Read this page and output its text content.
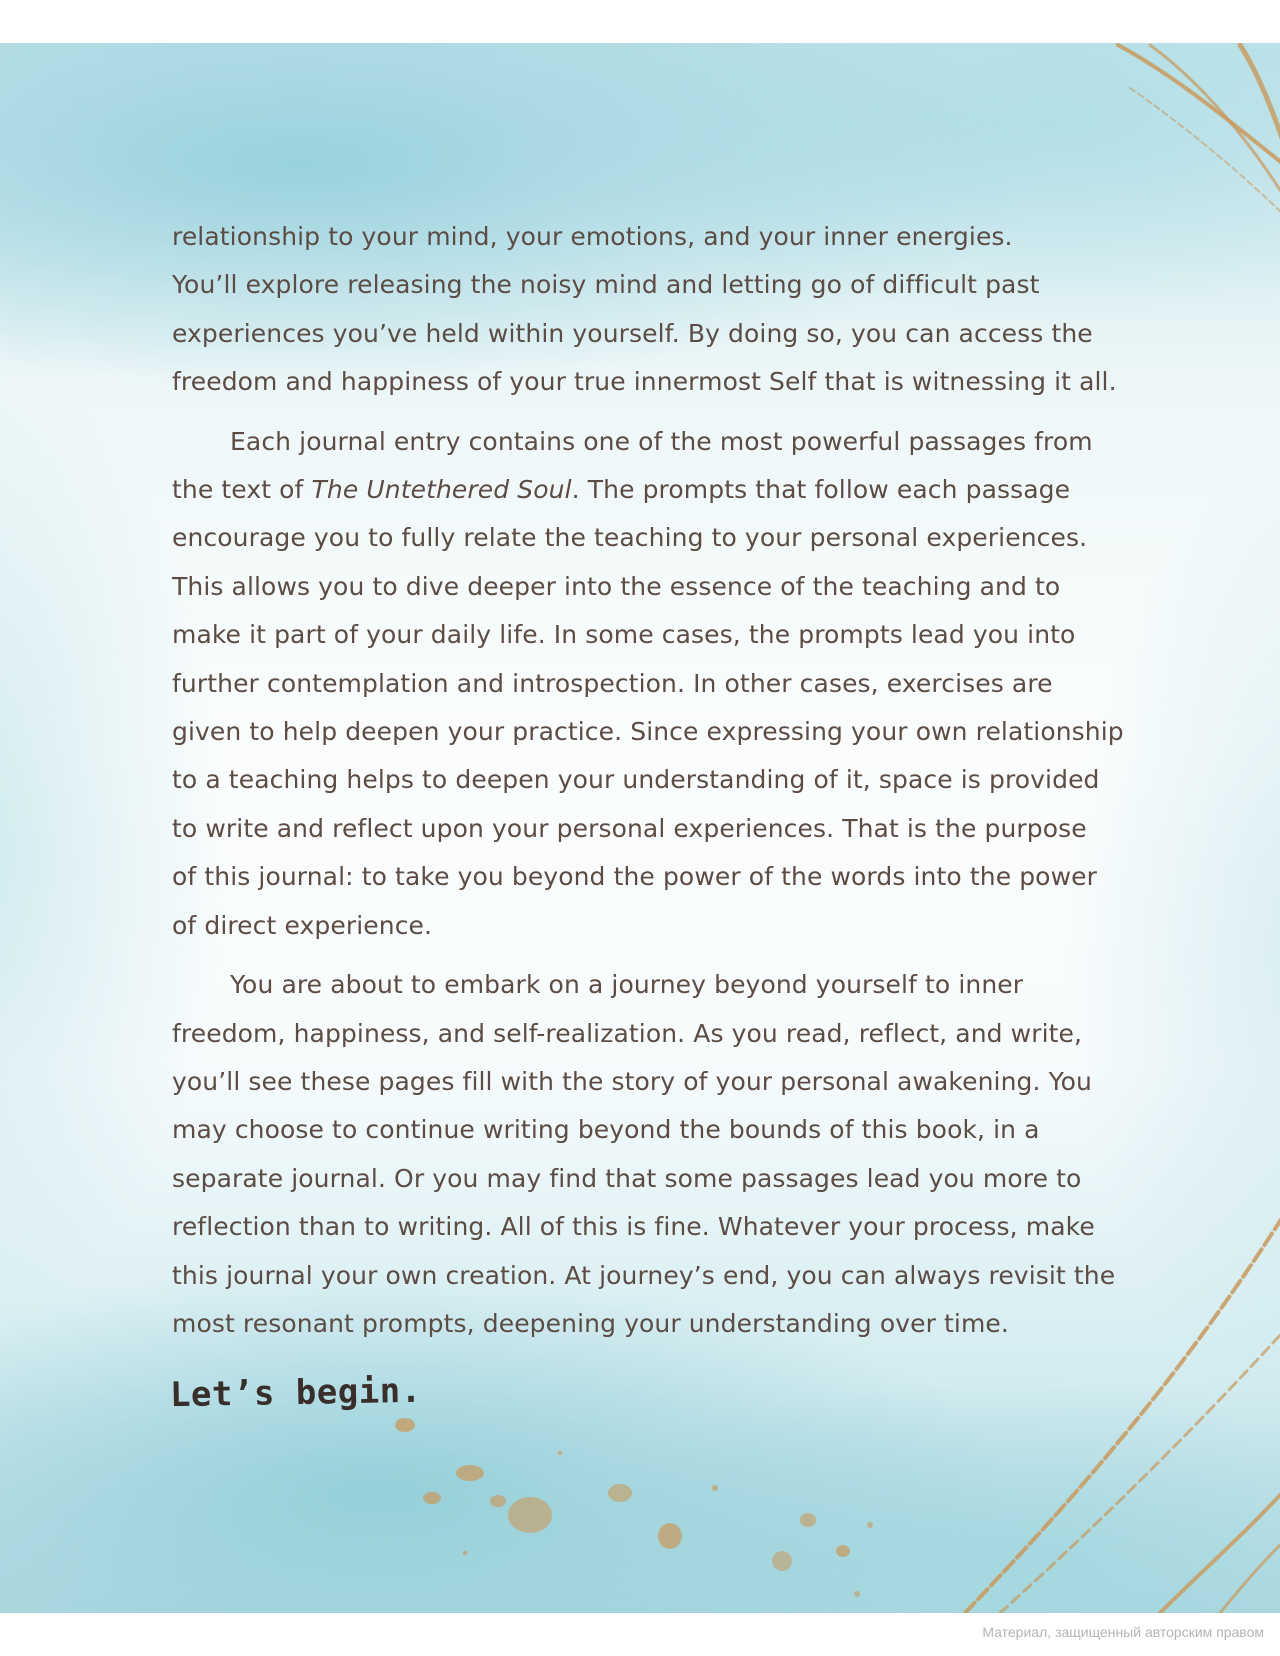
relationship to your mind, your emotions, and your inner energies.
You’ll explore releasing the noisy mind and letting go of difficult past
experiences you’ve held within yourself. By doing so, you can access the
freedom and happiness of your true innermost Self that is witnessing it all.

Each journal entry contains one of the most powerful passages from
the text of The Untethered Soul. The prompts that follow each passage
encourage you to fully relate the teaching to your personal experiences.
This allows you to dive deeper into the essence of the teaching and to
make it part of your daily life. In some cases, the prompts lead you into
further contemplation and introspection. In other cases, exercises are
given to help deepen your practice. Since expressing your own relationship
to a teaching helps to deepen your understanding of it, space is provided
to write and reflect upon your personal experiences. That is the purpose
of this journal: to take you beyond the power of the words into the power
of direct experience.

You are about to embark on a journey beyond yourself to inner
freedom, happiness, and self-realization. As you read, reflect, and write,
you’ll see these pages fill with the story of your personal awakening. You
may choose to continue writing beyond the bounds of this book, in a
separate journal. Or you may find that some passages lead you more to
reflection than to writing. All of this is fine. Whatever your process, make
this journal your own creation. At journey’s end, you can always revisit the
most resonant prompts, deepening your understanding over time.

Let’s begin.
Материал, защищенный авторским правом
